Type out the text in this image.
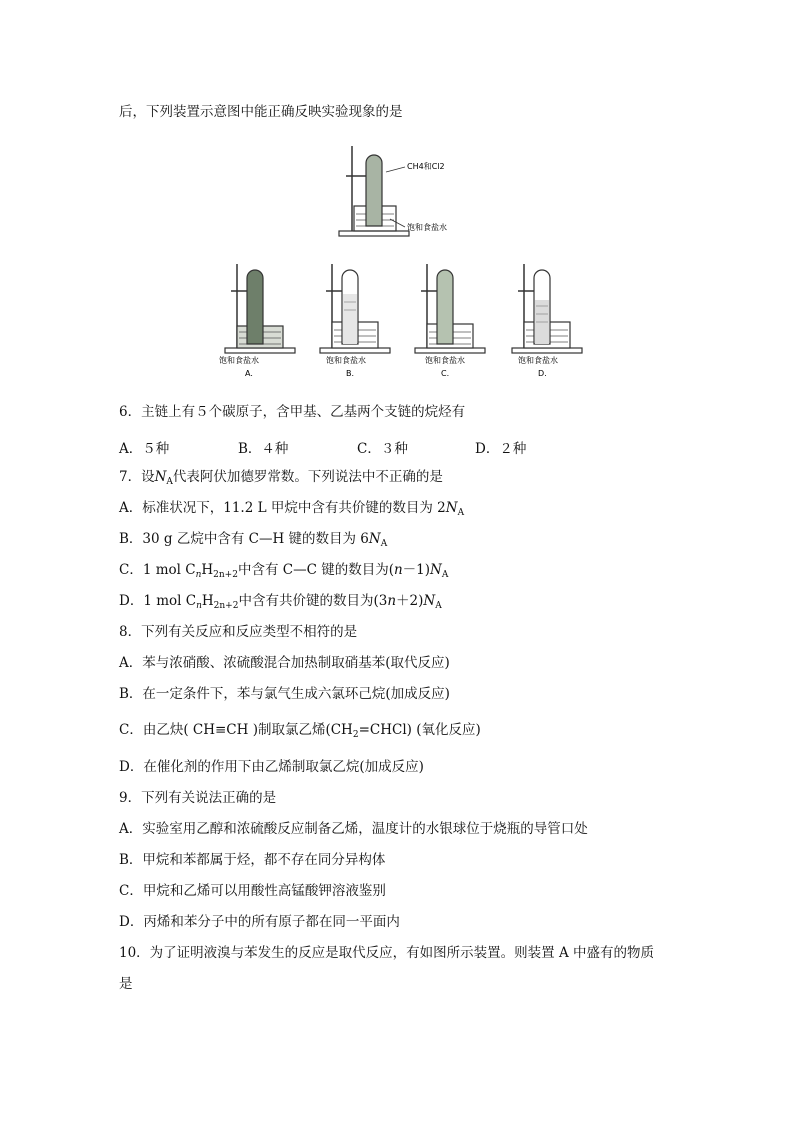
后，下列装置示意图中能正确反映实验现象的是
CH4和Cl2
饱和食盐水
饱和食盐水
A.
饱和食盐水
B.
饱和食盐水
C.
饱和食盐水
D.
6．主链上有５个碳原子，含甲基、乙基两个支链的烷烃有
A．５种	B．４种	C．３种	D．２种
7．设$N_A$代表阿伏加德罗常数。下列说法中不正确的是
A．标准状况下，11.2 L 甲烷中含有共价键的数目为 $2N_A$
B．30 g 乙烷中含有 C—H 键的数目为 $6N_A$
C．1 mol $C_nH_{2n+2}$中含有 C—C 键的数目为$(n-1)N_A$
D．1 mol $C_nH_{2n+2}$中含有共价键的数目为$(3n+2)N_A$
8．下列有关反应和反应类型不相符的是
A．苯与浓硝酸、浓硫酸混合加热制取硝基苯(取代反应)
B．在一定条件下，苯与氯气生成六氯环己烷(加成反应)
C．由乙炔( CH≡CH )制取氯乙烯$(CH_2=CHCl)$ (氧化反应)
D．在催化剂的作用下由乙烯制取氯乙烷(加成反应)
9．下列有关说法正确的是
A．实验室用乙醇和浓硫酸反应制备乙烯，温度计的水银球位于烧瓶的导管口处
B．甲烷和苯都属于烃，都不存在同分异构体
C．甲烷和乙烯可以用酸性高锰酸钾溶液鉴别
D．丙烯和苯分子中的所有原子都在同一平面内
10．为了证明液溴与苯发生的反应是取代反应，有如图所示装置。则装置 A 中盛有的物质
是
